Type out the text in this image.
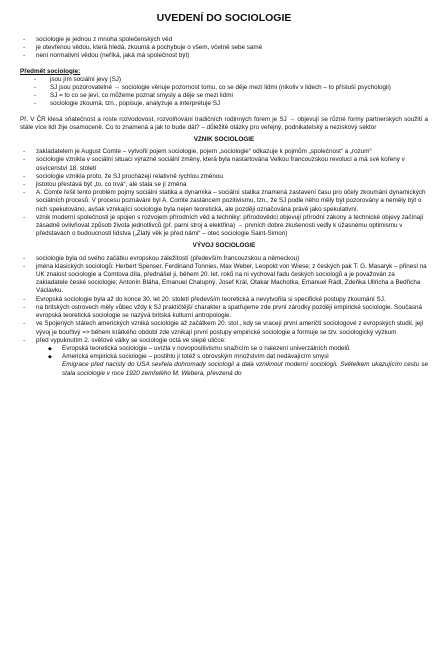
UVEDENÍ DO SOCIOLOGIE
- sociologie je jednou z mnoha společenských věd
- je otevřenou vědou, která hledá, zkoumá a pochybuje o všem, včetně sebe samé
- není normativní vědou (neříká, jaká má společnost být)
Předmět sociologie:
- jsou jím sociální jevy (SJ)
- SJ jsou pozorovatelné → sociologie věnuje pozornost tomu, co se děje mezi lidmi (nikoliv v lidech – to přísluší psychologii)
- SJ = to co se jeví, co můžeme poznat smysly a děje se mezi lidmi
- sociologie zkoumá, tzn., popisuje, analyzuje a interpretuje SJ
Př. V ČR klesá sňatečnost a roste rozvodovost, rozvolňování tradičních rodinných forem je SJ → objevují se různé formy partnerských soužití a stále více lidí žije osamoceně. Co to znamená a jak to bude dál? – důležité otázky pro veřejný, podnikatelský a neziskový sektor
VZNIK SOCIOLOGIE
- zakladatelem je August Comte – vytvořil pojem sociologie, pojem „sociologie“ odkazuje k pojmům „společnost“ a „rozum“
- sociologie vznikla v sociální situaci výrazné sociální změny, která byla nastartována Velkou francouzskou revolucí a má své kořeny v osvícenství 18. století
- sociologie vznikla proto, že SJ procházejí relativně rychlou změnou
- jistotou přestává být „to, co trvá“, ale stala se jí změna
- A. Comte řešil tento problém pojmy sociální statika a dynamika – sociální statika znamená zastavení času pro účely zkoumání dynamických sociálních procesů. V procesu poznávání byl A. Comte zastáncem pozitivismu, tzn., že SJ podle něho měly být pozorovány a neměly být o nich spekulováno, avšak vznikající sociologie byla nejen teoretická, ale později označována právě jako spekulativní.
- vznik moderní společnosti je spojen s rozvojem přírodních věd a techniky: přírodovědci objevují přírodní zákony a technické objevy začínají zásadně ovlivňovat způsob života jednotlivců (př. parní stroj a elektřina) → prvních dobre zkušenosti vedly k úžasnému optimismu v představách o budoucnosti lidstva („Zlatý věk je před námi“ – otec sociologie Saint-Simon)
VÝVOJ SOCIOLOGIE
- sociologie byla od svého začátku evropskou záležitostí (především francouzskou a německou)
- jména klasických sociologů: Herbert Spenser, Ferdinand Tonnies, Max Weber, Leopold von Wiese; z českých pak T. G. Masaryk – přinesl na UK znalost sociologie a Comtova díla, přednášel ji, během 20. let. roků na ni vychoval řadu českých sociologů a je považován za zakladatele české sociologie; Antonín Bláha, Emanuel Chalupný, Josef Král, Otakar Machotka, Emanuel Rádl, Zdeňka Ullricha a Bedřicha Václavku.
- Evropská sociologie byla až do konce 30. let 20. století především teoretická a nevytvořila si specifické postupy zkoumání SJ.
- na britských ostrovech měly vůbec vždy k SJ praktičtější charakter a spatřujeme zde první zárodky později empirické sociologie. Současná evropská teoretická sociologie se nazývá britská kulturní antropologie.
- ve Spojených státech amerických vzniká sociologie až začátkem 20. stol., kdy se vracejí první američtí sociologové z evropských studií, její vývoj je bouřlivý => během krátkého období zde vznikají první postupy empirické sociologie a formuje se tzv. sociologický výzkum
- před vypuknutím 2. světové války se sociologie octá ve slepé uličce:
◆ Evropská teoretická sociologie – uvízla v novopositivismu snažícím se o nalezení univerzálních modelů
◆ Americká empirická sociologie – postihlo ji totéž s obrovským množstvím dat nedávajícím smysl
Emigrace před nacisty do USA sevřela dohromady sociologii a dala vzniknout moderní sociologii. Světelkem ukazujícím cestu se stala sociologie v roce 1920 zemřelého M. Webera, převzená do
